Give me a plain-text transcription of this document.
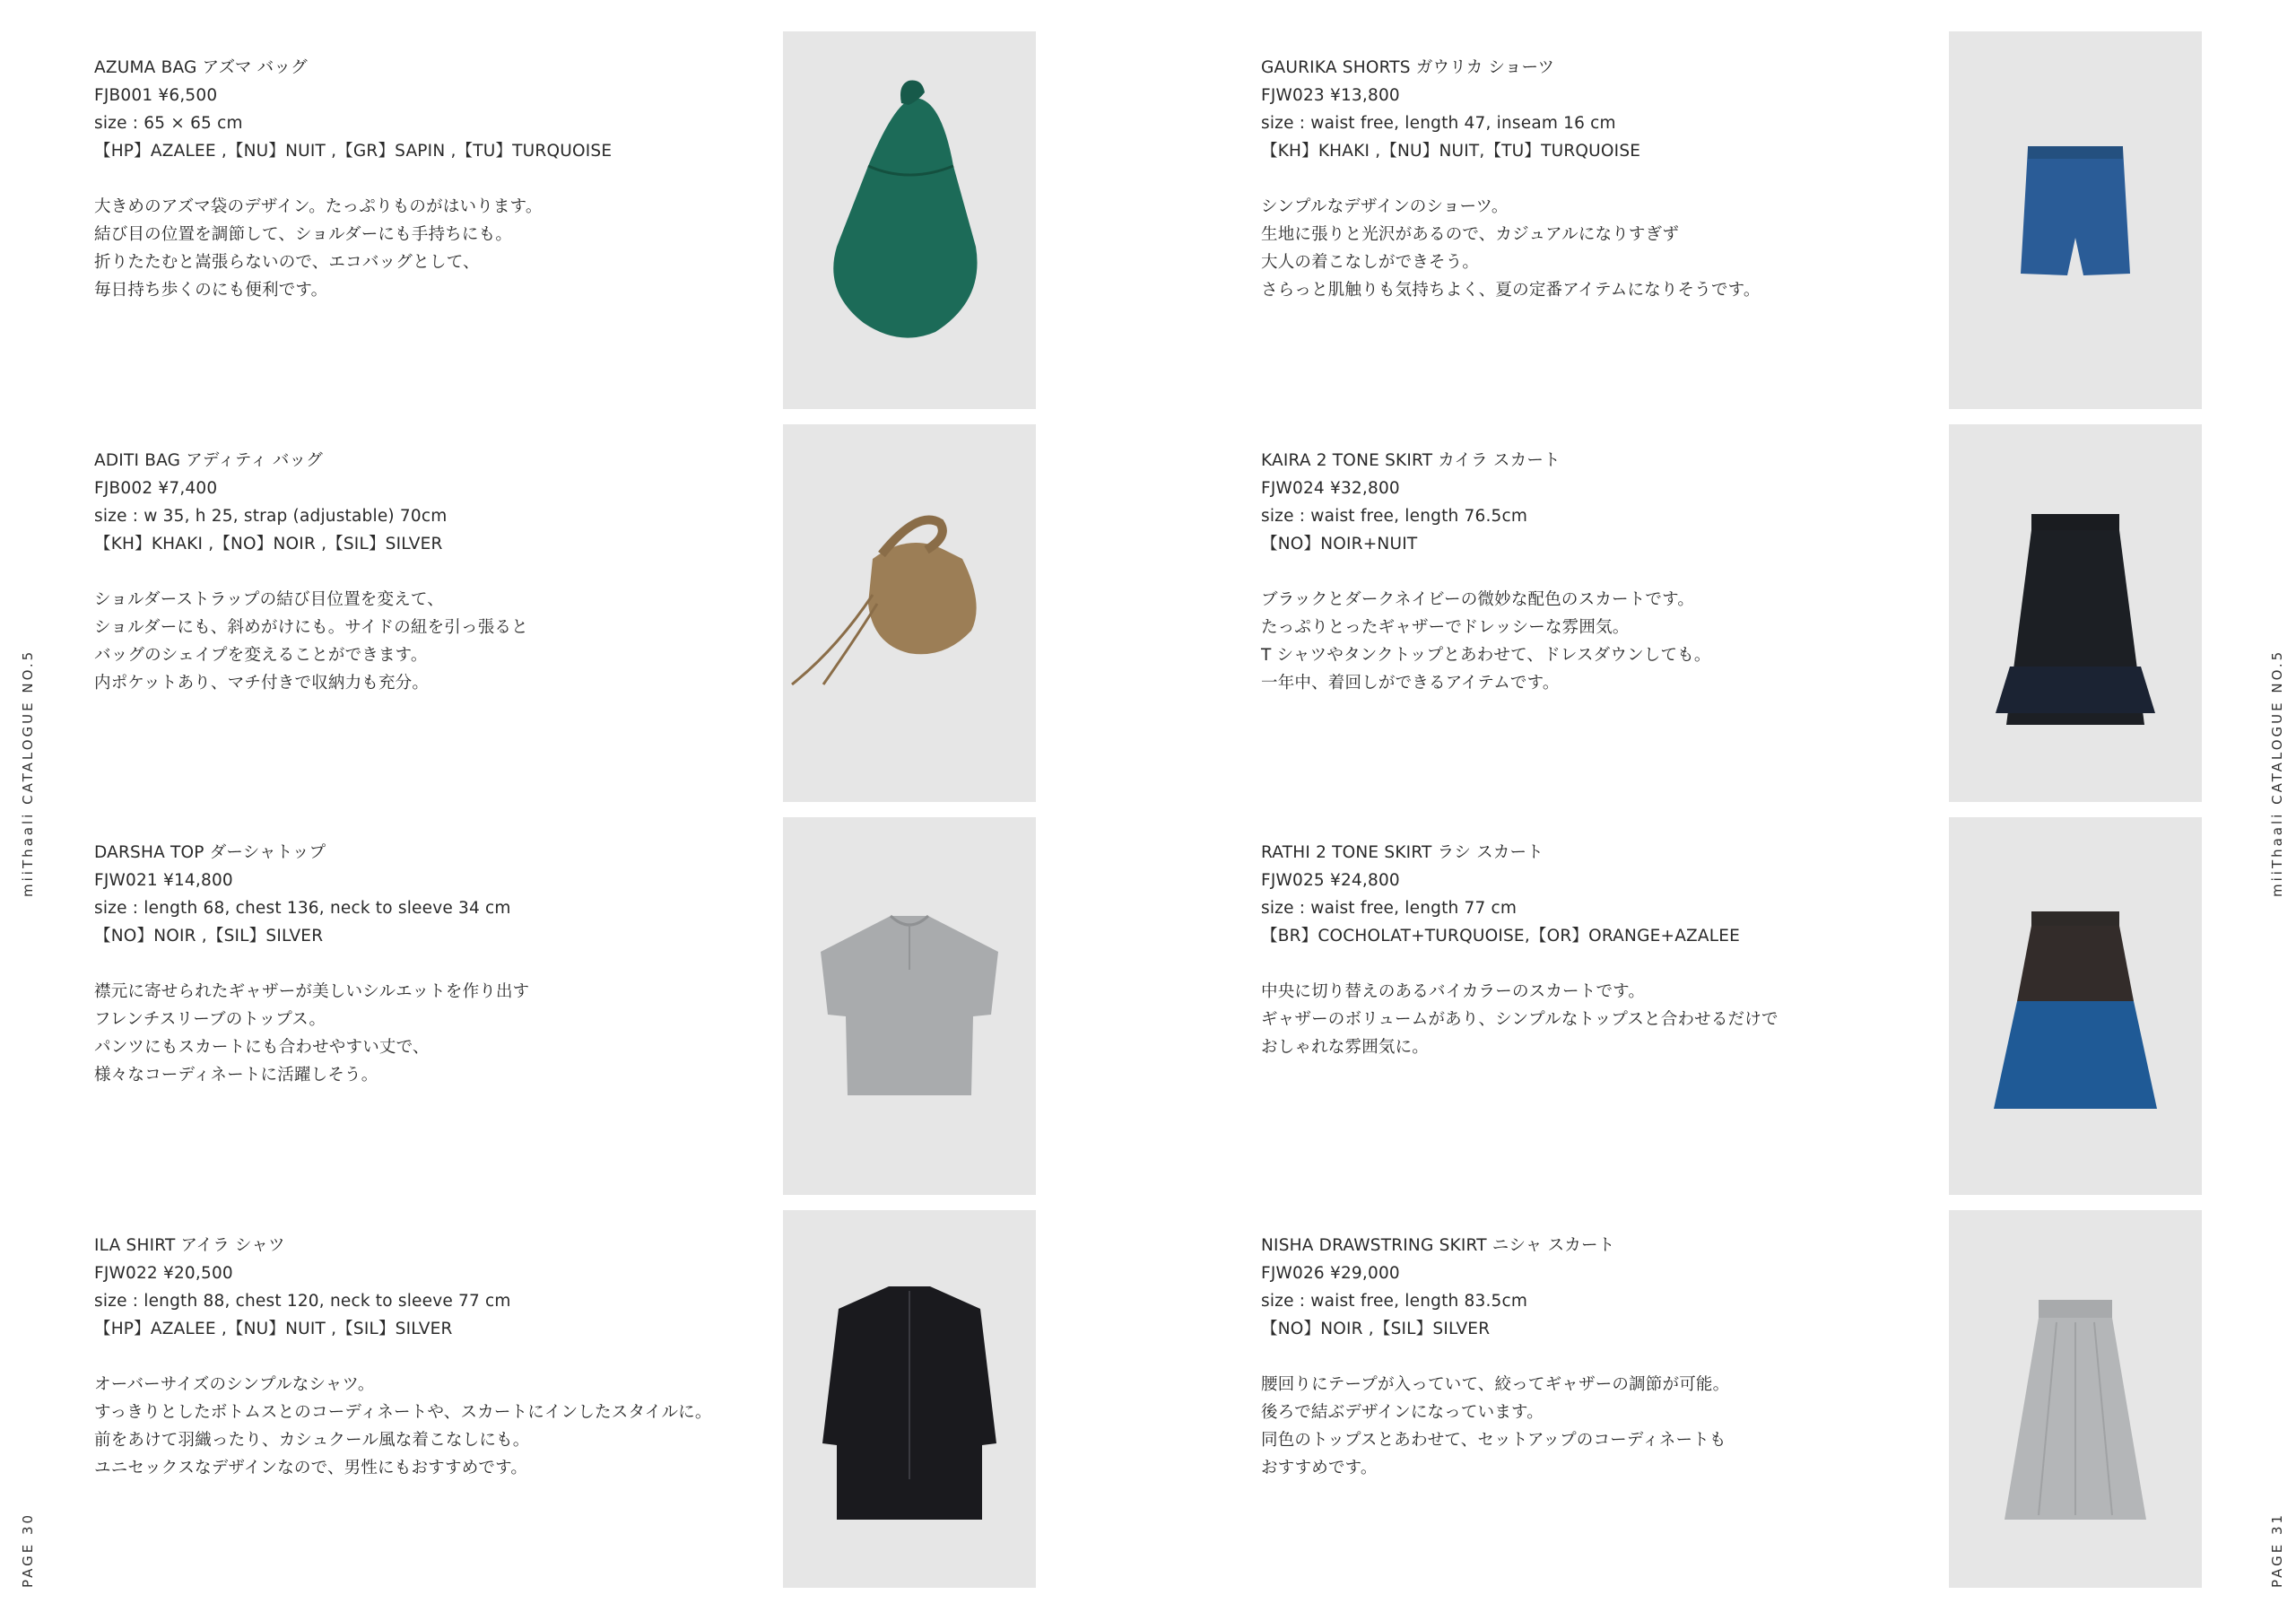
miiThaali CATALOGUE NO.5
PAGE 30
AZUMA BAG アズマ バッグ
FJB001 ¥6,500
size : 65 × 65 cm
【HP】AZALEE ,【NU】NUIT ,【GR】SAPIN ,【TU】TURQUOISE
大きめのアズマ袋のデザイン。たっぷりものがはいります。
結び目の位置を調節して、ショルダーにも手持ちにも。
折りたたむと嵩張らないので、エコバッグとして、
毎日持ち歩くのにも便利です。
ADITI BAG アディティ バッグ
FJB002 ¥7,400
size : w 35, h 25, strap (adjustable) 70cm
【KH】KHAKI ,【NO】NOIR ,【SIL】SILVER
ショルダーストラップの結び目位置を変えて、
ショルダーにも、斜めがけにも。サイドの紐を引っ張ると
バッグのシェイプを変えることができます。
内ポケットあり、マチ付きで収納力も充分。
DARSHA TOP ダーシャトップ
FJW021 ¥14,800
size : length 68, chest 136, neck to sleeve 34 cm
【NO】NOIR ,【SIL】SILVER
襟元に寄せられたギャザーが美しいシルエットを作り出す
フレンチスリーブのトップス。
パンツにもスカートにも合わせやすい丈で、
様々なコーディネートに活躍しそう。
ILA SHIRT アイラ シャツ
FJW022 ¥20,500
size : length 88, chest 120, neck to sleeve 77 cm
【HP】AZALEE ,【NU】NUIT ,【SIL】SILVER
オーバーサイズのシンプルなシャツ。
すっきりとしたボトムスとのコーディネートや、スカートにインしたスタイルに。
前をあけて羽織ったり、カシュクール風な着こなしにも。
ユニセックスなデザインなので、男性にもおすすめです。
miiThaali CATALOGUE NO.5
PAGE 31
GAURIKA SHORTS ガウリカ ショーツ
FJW023 ¥13,800
size : waist free, length 47, inseam 16 cm
【KH】KHAKI ,【NU】NUIT,【TU】TURQUOISE
シンプルなデザインのショーツ。
生地に張りと光沢があるので、カジュアルになりすぎず
大人の着こなしができそう。
さらっと肌触りも気持ちよく、夏の定番アイテムになりそうです。
KAIRA 2 TONE SKIRT カイラ スカート
FJW024 ¥32,800
size : waist free, length 76.5cm
【NO】NOIR+NUIT
ブラックとダークネイビーの微妙な配色のスカートです。
たっぷりとったギャザーでドレッシーな雰囲気。
T シャツやタンクトップとあわせて、ドレスダウンしても。
一年中、着回しができるアイテムです。
RATHI 2 TONE SKIRT ラシ スカート
FJW025 ¥24,800
size : waist free, length 77 cm
【BR】COCHOLAT+TURQUOISE,【OR】ORANGE+AZALEE
中央に切り替えのあるバイカラーのスカートです。
ギャザーのボリュームがあり、シンプルなトップスと合わせるだけで
おしゃれな雰囲気に。
NISHA DRAWSTRING SKIRT ニシャ スカート
FJW026 ¥29,000
size : waist free, length 83.5cm
【NO】NOIR ,【SIL】SILVER
腰回りにテープが入っていて、絞ってギャザーの調節が可能。
後ろで結ぶデザインになっています。
同色のトップスとあわせて、セットアップのコーディネートも
おすすめです。
